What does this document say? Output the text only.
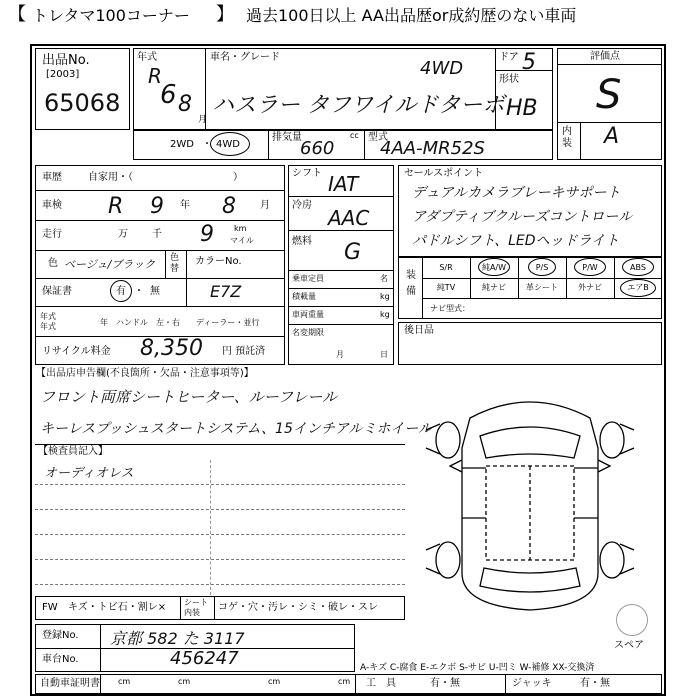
【 トレタマ100コーナー 】 過去100日以上 AA出品歴or成約歴のない車両
出品No.
[2003]
65068
年式
R
6 8
月
車名・グレード
4WD
ハスラー タフワイルドターボ
ドア 5
形状
HB
評価点
S
内装 A
2WD ・ 4WD
排気量
660
cc 型式
4AA-MR52S
車歴	自家用・（　　　　　　　　　　）
車検 R 9 年 8 月
走行	万 千 9	km
マイル
色 ベージュ/ブラック 色替
カラーNo.
E7Z
保証書	有 ・ 無
年式
年式	年　ハンドル　左・右　　ディーラー・並行
リサイクル料金 8,350 円 預託済
シフト IAT
冷房
AAC
燃料 G
乗車定員	名
積載量	kg
車両重量	kg
名変期限
月	日
セールスポイント
デュアルカメラブレーキサポート
アダプティブクルーズコントロール
パドルシフト、LEDヘッドライト
装備
S/R	純A/W	P/S	P/W	ABS
純TV	純ナビ	革シート	外ナビ	エアB
ナビ型式：
後日品
【出品店申告欄(不良箇所・欠品・注意事項等)】
フロント両席シートヒーター、ルーフレール
キーレスプッシュスタートシステム、15インチアルミホイール
【検査員記入】
オーディオレス
FW キズ・トビ石・割レ× シート内装	コゲ・穴・汚レ・シミ・破レ・スレ
スペア
登録No. 京都 582 た 3117
車台No.	456247	A-キズ C-腐食 E-エクボ S-サビ U-凹ミ W-補修 XX-交換済
自動車証明書 cm	cm	cm	cm 工　具	有・無	ジャッキ	有・無
